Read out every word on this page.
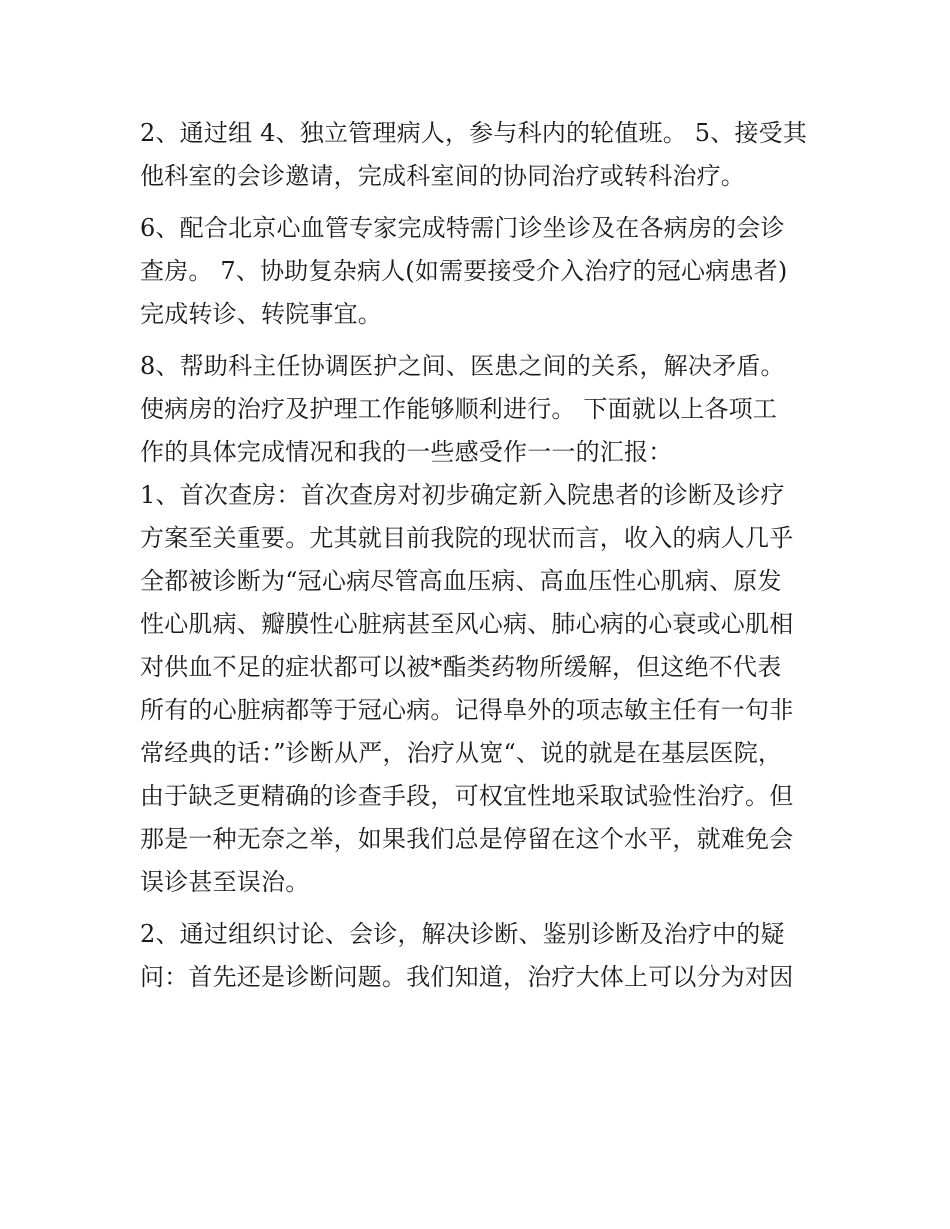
2、通过组 4、独立管理病人，参与科内的轮值班。 5、接受其
他科室的会诊邀请，完成科室间的协同治疗或转科治疗。

6、配合北京心血管专家完成特需门诊坐诊及在各病房的会诊
查房。 7、协助复杂病人(如需要接受介入治疗的冠心病患者)
完成转诊、转院事宜。

8、帮助科主任协调医护之间、医患之间的关系，解决矛盾。
使病房的治疗及护理工作能够顺利进行。 下面就以上各项工
作的具体完成情况和我的一些感受作一一的汇报：
1、首次查房：首次查房对初步确定新入院患者的诊断及诊疗
方案至关重要。尤其就目前我院的现状而言，收入的病人几乎
全都被诊断为“冠心病尽管高血压病、高血压性心肌病、原发
性心肌病、瓣膜性心脏病甚至风心病、肺心病的心衰或心肌相
对供血不足的症状都可以被*酯类药物所缓解，但这绝不代表
所有的心脏病都等于冠心病。记得阜外的项志敏主任有一句非
常经典的话：”诊断从严，治疗从宽“、说的就是在基层医院，
由于缺乏更精确的诊查手段，可权宜性地采取试验性治疗。但
那是一种无奈之举，如果我们总是停留在这个水平，就难免会
误诊甚至误治。

2、通过组织讨论、会诊，解决诊断、鉴别诊断及治疗中的疑
问：首先还是诊断问题。我们知道，治疗大体上可以分为对因
